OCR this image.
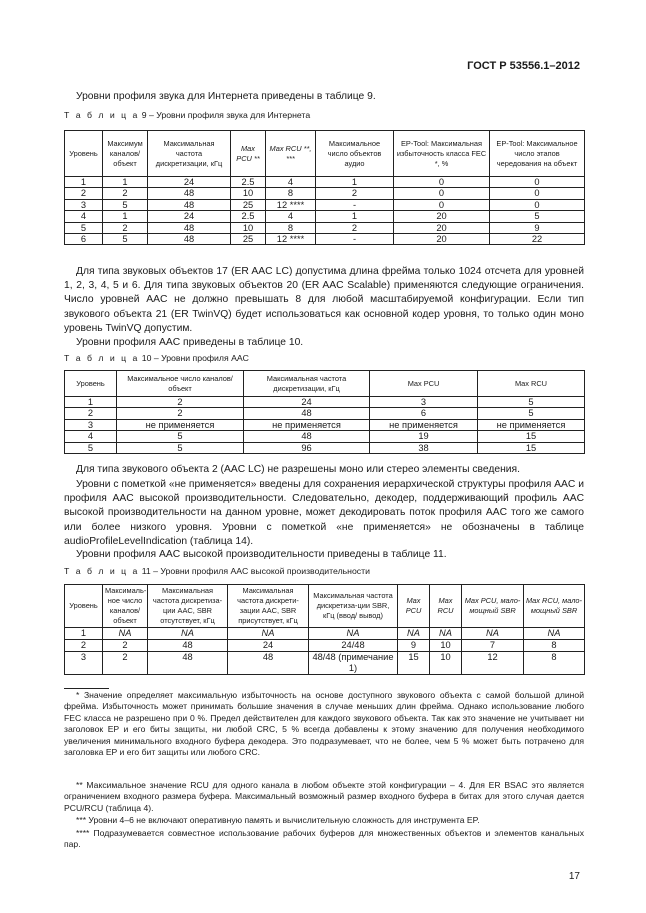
ГОСТ Р 53556.1–2012
Уровни профиля звука для Интернета приведены в таблице 9.
Т а б л и ц а 9 – Уровни профиля звука для Интернета
Уровень	Максимум каналов/ объект	Максимальная частота дискретизации, кГц	Max PCU **	Max RCU **, ***	Максимальное число объектов аудио	EP-Tool: Максимальная избыточность класса FEC *, %	EP-Tool: Максимальное число этапов чередования на объект
1	1	24	2.5	4	1	0	0
2	2	48	10	8	2	0	0
3	5	48	25	12 ****	-	0	0
4	1	24	2.5	4	1	20	5
5	2	48	10	8	2	20	9
6	5	48	25	12 ****	-	20	22
Для типа звуковых объектов 17 (ER AAC LC) допустима длина фрейма только 1024 отсчета для уровней 1, 2, 3, 4, 5 и 6. Для типа звуковых объектов 20 (ER AAC Scalable) применяются следующие ограничения. Число уровней AAC не должно превышать 8 для любой масштабируемой конфигурации. Если тип звукового объекта 21 (ER TwinVQ) будет использоваться как основной кодер уровня, то только один моно уровень TwinVQ допустим.
Уровни профиля AAC приведены в таблице 10.
Т а б л и ц а 10 – Уровни профиля AAC
Уровень	Максимальное число каналов/ объект	Максимальная частота дискретизации, кГц	Max PCU	Max RCU
1	2	24	3	5
2	2	48	6	5
3	не применяется	не применяется	не применяется	не применяется
4	5	48	19	15
5	5	96	38	15
Для типа звукового объекта 2 (AAC LC) не разрешены моно или стерео элементы сведения.
Уровни с пометкой «не применяется» введены для сохранения иерархической структуры профиля AAC и профиля AAC высокой производительности. Следовательно, декодер, поддерживающий профиль AAC высокой производительности на данном уровне, может декодировать поток профиля AAC того же самого или более низкого уровня. Уровни с пометкой «не применяется» не обозначены в таблице audioProfileLevelIndication (таблица 14).
Уровни профиля AAC высокой производительности приведены в таблице 11.
Т а б л и ц а 11 – Уровни профиля AAC высокой производительности
Уровень	Максималь-ное число каналов/ объект	Максимальная частота дискретиза-ции AAC, SBR отсутствует, кГц	Максимальная частота дискрети-зации AAC, SBR присутствует, кГц	Максимальная частота дискретиза-ции SBR, кГц (ввод/ вывод)	Max PCU	Max RCU	Max PCU, мало-мощный SBR	Max RCU, мало-мощный SBR
1	NA	NA	NA	NA	NA	NA	NA	NA
2	2	48	24	24/48	9	10	7	8
3	2	48	48	48/48 (примечание 1)	15	10	12	8
* Значение определяет максимальную избыточность на основе доступного звукового объекта с самой большой длиной фрейма. Избыточность может принимать большие значения в случае меньших длин фрейма. Однако использование любого FEC класса не разрешено при 0 %. Предел действителен для каждого звукового объекта. Так как это значение не учитывает ни заголовок EP и его биты защиты, ни любой CRC, 5 % всегда добавлены к этому значению для получения необходимого увеличения минимального входного буфера декодера. Это подразумевает, что не более, чем 5 % может быть потрачено для заголовка EP и его бит защиты или любого CRC.
** Максимальное значение RCU для одного канала в любом объекте этой конфигурации – 4. Для ER BSAC это является ограничением входного размера буфера. Максимальный возможный размер входного буфера в битах для этого случая дается PCU/RCU (таблица 4).
*** Уровни 4–6 не включают оперативную память и вычислительную сложность для инструмента EP.
**** Подразумевается совместное использование рабочих буферов для множественных объектов и элементов канальных пар.
17
